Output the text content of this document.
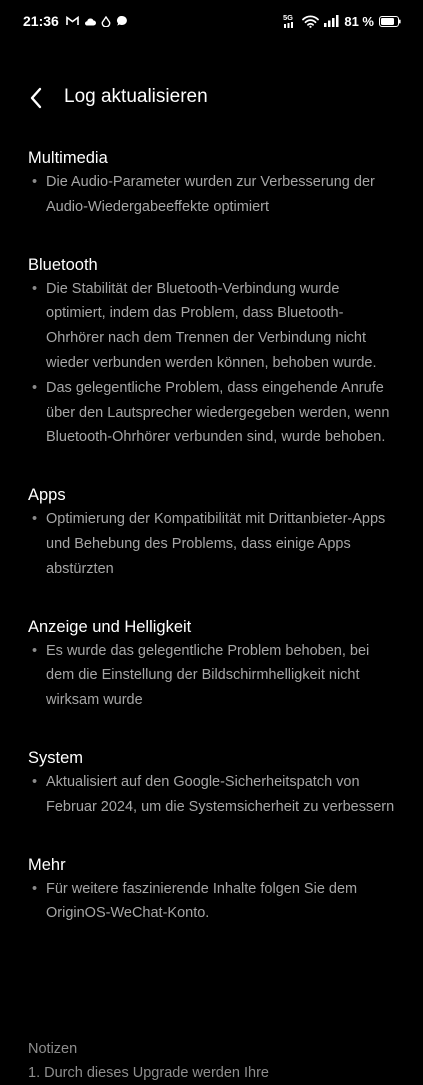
21:36	5G	81 %
Log aktualisieren
Multimedia
• Die Audio-Parameter wurden zur Verbesserung der Audio-Wiedergabeeffekte optimiert
Bluetooth
• Die Stabilität der Bluetooth-Verbindung wurde optimiert, indem das Problem, dass Bluetooth-Ohrhörer nach dem Trennen der Verbindung nicht wieder verbunden werden können, behoben wurde.
• Das gelegentliche Problem, dass eingehende Anrufe über den Lautsprecher wiedergegeben werden, wenn Bluetooth-Ohrhörer verbunden sind, wurde behoben.
Apps
• Optimierung der Kompatibilität mit Drittanbieter-Apps und Behebung des Problems, dass einige Apps abstürzten
Anzeige und Helligkeit
• Es wurde das gelegentliche Problem behoben, bei dem die Einstellung der Bildschirmhelligkeit nicht wirksam wurde
System
• Aktualisiert auf den Google-Sicherheitspatch von Februar 2024, um die Systemsicherheit zu verbessern
Mehr
• Für weitere faszinierende Inhalte folgen Sie dem OriginOS-WeChat-Konto.
Notizen
1. Durch dieses Upgrade werden Ihre
